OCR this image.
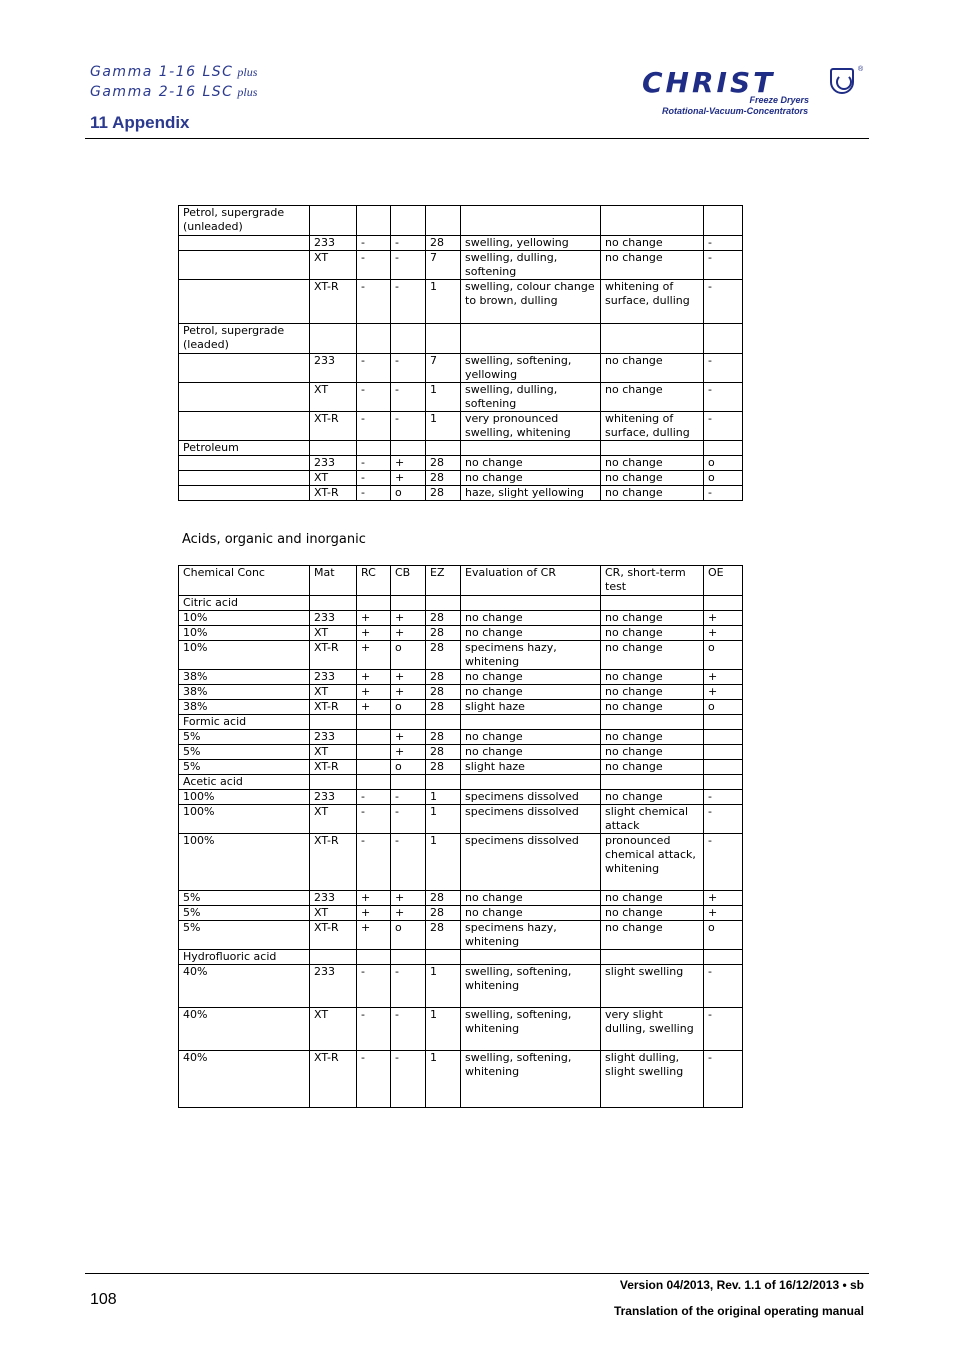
Gamma 1-16 LSC plus
Gamma 2-16 LSC plus
11 Appendix
CHRIST	®
Freeze Dryers
Rotational-Vacuum-Concentrators
Petrol, supergrade (unleaded)							
	233	-	-	28	swelling, yellowing	no change	-
	XT	-	-	7	swelling, dulling, softening	no change	-
	XT-R	-	-	1	swelling, colour change to brown, dulling	whitening of surface, dulling	-
Petrol, supergrade (leaded)							
	233	-	-	7	swelling, softening, yellowing	no change	-
	XT	-	-	1	swelling, dulling, softening	no change	-
	XT-R	-	-	1	very pronounced swelling, whitening	whitening of surface, dulling	-
Petroleum							
	233	-	+	28	no change	no change	o
	XT	-	+	28	no change	no change	o
	XT-R	-	o	28	haze, slight yellowing	no change	-
Acids, organic and inorganic
Chemical Conc	Mat	RC	CB	EZ	Evaluation of CR	CR, short-term test	OE
Citric acid							
10%	233	+	+	28	no change	no change	+
10%	XT	+	+	28	no change	no change	+
10%	XT-R	+	o	28	specimens hazy, whitening	no change	o
38%	233	+	+	28	no change	no change	+
38%	XT	+	+	28	no change	no change	+
38%	XT-R	+	o	28	slight haze	no change	o
Formic acid							
5%	233		+	28	no change	no change	
5%	XT		+	28	no change	no change	
5%	XT-R		o	28	slight haze	no change	
Acetic acid							
100%	233	-	-	1	specimens dissolved	no change	-
100%	XT	-	-	1	specimens dissolved	slight chemical attack	-
100%	XT-R	-	-	1	specimens dissolved	pronounced chemical attack, whitening	-
5%	233	+	+	28	no change	no change	+
5%	XT	+	+	28	no change	no change	+
5%	XT-R	+	o	28	specimens hazy, whitening	no change	o
Hydrofluoric acid							
40%	233	-	-	1	swelling, softening, whitening	slight swelling	-
40%	XT	-	-	1	swelling, softening, whitening	very slight dulling, swelling	-
40%	XT-R	-	-	1	swelling, softening, whitening	slight dulling, slight swelling	-
108
Version 04/2013, Rev. 1.1 of 16/12/2013 • sb
Translation of the original operating manual
